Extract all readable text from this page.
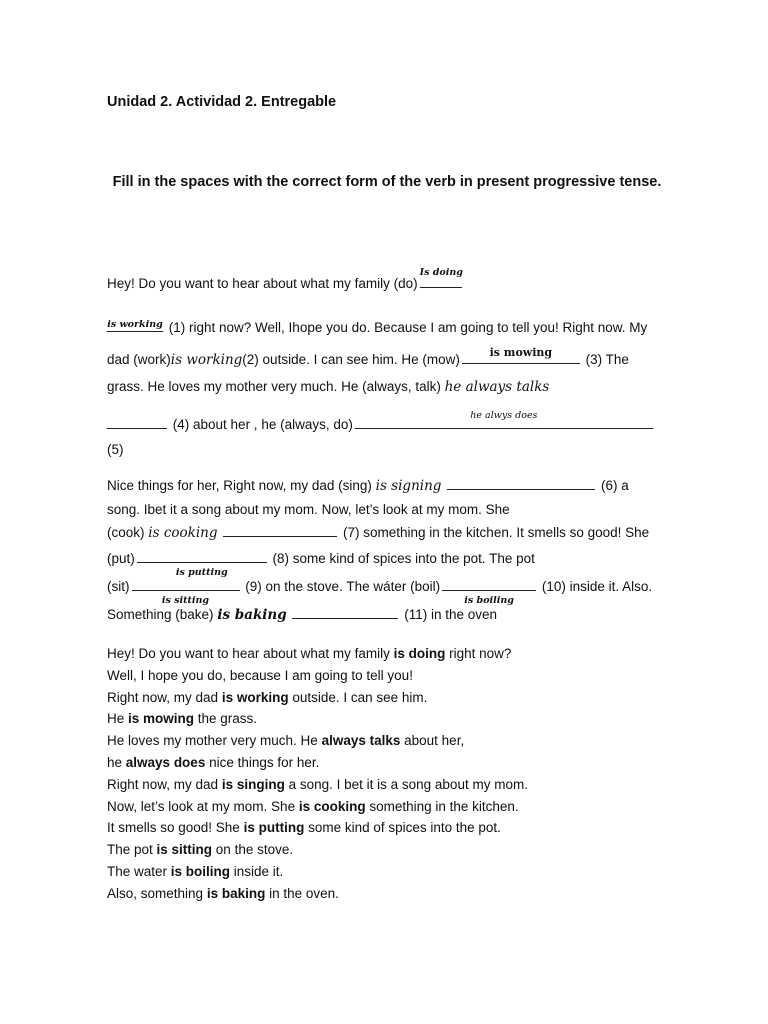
Unidad 2. Actividad 2. Entregable
Fill in the spaces with the correct form of the verb in present progressive tense.
Hey! Do you want to hear about what my family (do)
Is doing
is working (1) right now? Well, Ihope you do. Because I am going to tell you! Right now. My
dad (work)is working(2) outside. I can see him. He (mow)	is mowing	(3) The
grass. He loves my mother very much. He (always, talk) he always talks
(4) about her , he (always, do)
he alwys does
(5)
Nice things for her, Right now, my dad (sing) is signing	(6) a
song. Ibet it a song about my mom. Now, let’s look at my mom. She
(cook) is cooking	(7) something in the kitchen. It smells so good! She
(put)
is putting
(8) some kind of spices into the pot. The pot
(sit)
is sitting
(9) on the stove. The wáter (boil)
is boiling
(10) inside it. Also.
Something (bake) is baking	(11) in the oven
Hey! Do you want to hear about what my family is doing right now?
Well, I hope you do, because I am going to tell you!
Right now, my dad is working outside. I can see him.
He is mowing the grass.
He loves my mother very much. He always talks about her,
he always does nice things for her.
Right now, my dad is singing a song. I bet it is a song about my mom.
Now, let’s look at my mom. She is cooking something in the kitchen.
It smells so good! She is putting some kind of spices into the pot.
The pot is sitting on the stove.
The water is boiling inside it.
Also, something is baking in the oven.
